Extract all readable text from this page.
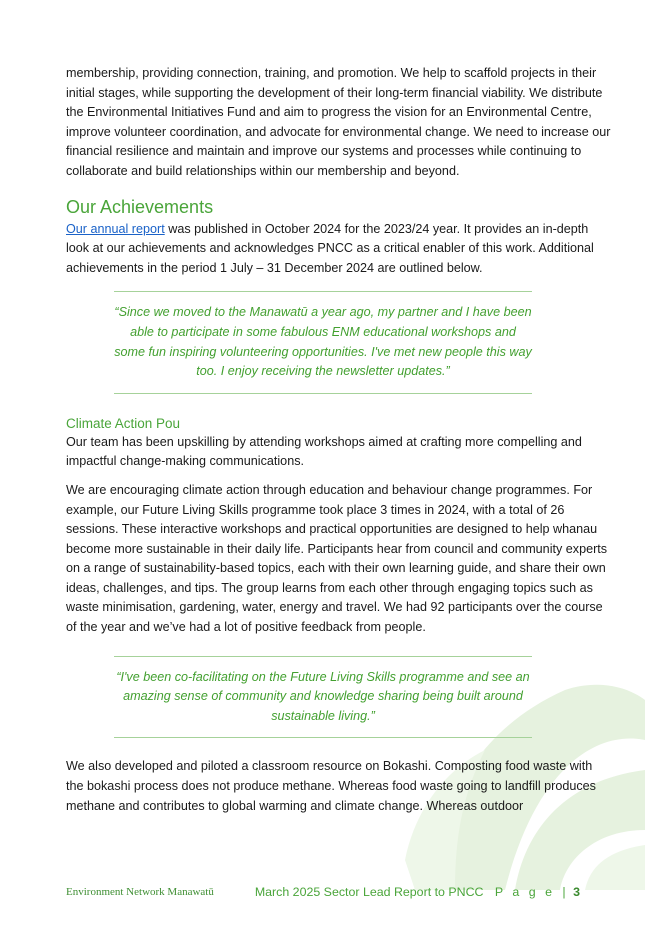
membership, providing connection, training, and promotion. We help to scaffold projects in their initial stages, while supporting the development of their long-term financial viability. We distribute the Environmental Initiatives Fund and aim to progress the vision for an Environmental Centre, improve volunteer coordination, and advocate for environmental change. We need to increase our financial resilience and maintain and improve our systems and processes while continuing to collaborate and build relationships within our membership and beyond.

Our Achievements

Our annual report was published in October 2024 for the 2023/24 year. It provides an in-depth look at our achievements and acknowledges PNCC as a critical enabler of this work. Additional achievements in the period 1 July – 31 December 2024 are outlined below.

“Since we moved to the Manawatū a year ago, my partner and I have been able to participate in some fabulous ENM educational workshops and some fun inspiring volunteering opportunities. I've met new people this way too. I enjoy receiving the newsletter updates.”
Climate Action Pou

Our team has been upskilling by attending workshops aimed at crafting more compelling and impactful change-making communications.

We are encouraging climate action through education and behaviour change programmes. For example, our Future Living Skills programme took place 3 times in 2024, with a total of 26 sessions. These interactive workshops and practical opportunities are designed to help whanau become more sustainable in their daily life. Participants hear from council and community experts on a range of sustainability-based topics, each with their own learning guide, and share their own ideas, challenges, and tips. The group learns from each other through engaging topics such as waste minimisation, gardening, water, energy and travel. We had 92 participants over the course of the year and we’ve had a lot of positive feedback from people.

“I've been co-facilitating on the Future Living Skills programme and see an amazing sense of community and knowledge sharing being built around sustainable living.”

We also developed and piloted a classroom resource on Bokashi. Composting food waste with the bokashi process does not produce methane. Whereas food waste going to landfill produces methane and contributes to global warming and climate change. Whereas outdoor

Environment Network Manawatū	March 2025 Sector Lead Report to PNCC P a g e | 3
